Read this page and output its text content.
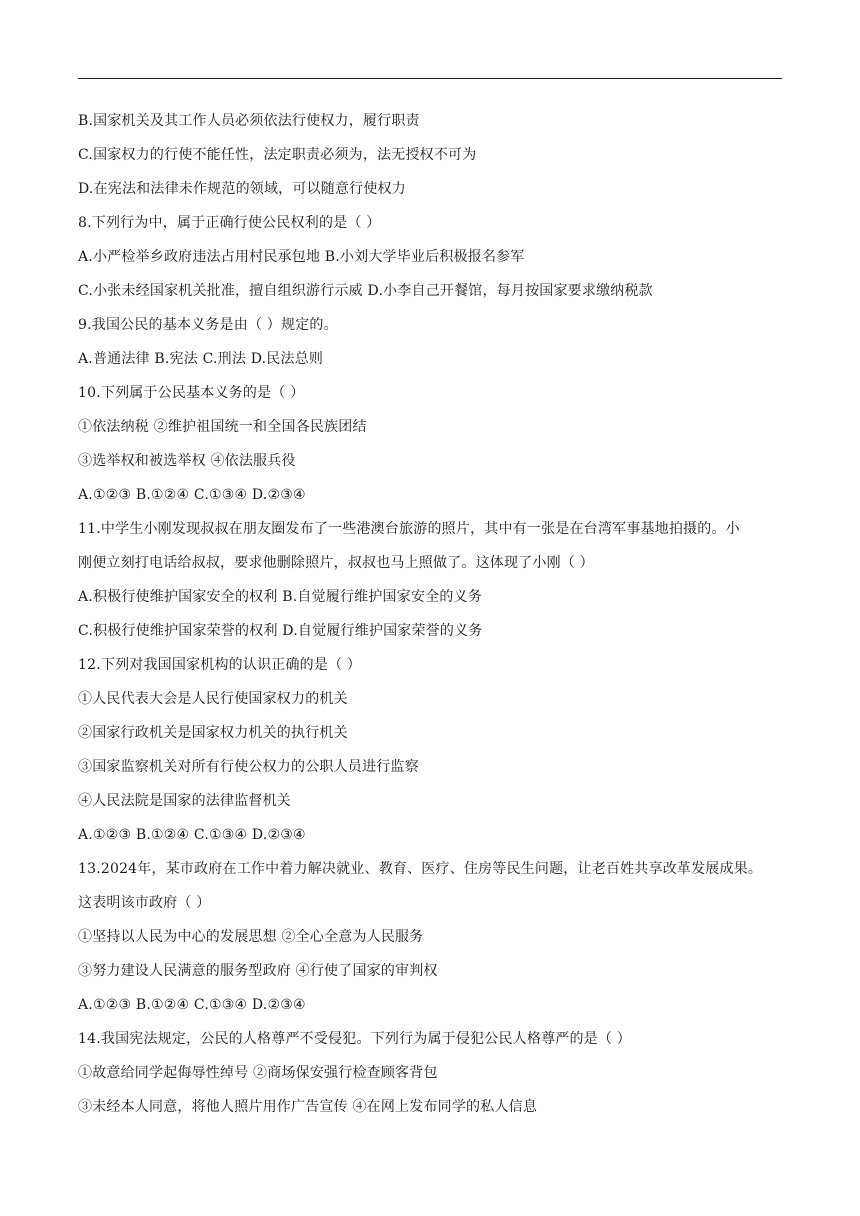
B.国家机关及其工作人员必须依法行使权力，履行职责
C.国家权力的行使不能任性，法定职责必须为，法无授权不可为
D.在宪法和法律未作规范的领域，可以随意行使权力
8.下列行为中，属于正确行使公民权利的是（ ）
A.小严检举乡政府违法占用村民承包地 B.小刘大学毕业后积极报名参军
C.小张未经国家机关批准，擅自组织游行示威 D.小李自己开餐馆，每月按国家要求缴纳税款
9.我国公民的基本义务是由（ ）规定的。
A.普通法律 B.宪法 C.刑法 D.民法总则
10.下列属于公民基本义务的是（ ）
①依法纳税 ②维护祖国统一和全国各民族团结
③选举权和被选举权 ④依法服兵役
A.①②③ B.①②④ C.①③④ D.②③④
11.中学生小刚发现叔叔在朋友圈发布了一些港澳台旅游的照片，其中有一张是在台湾军事基地拍摄的。小
刚便立刻打电话给叔叔，要求他删除照片，叔叔也马上照做了。这体现了小刚（ ）
A.积极行使维护国家安全的权利 B.自觉履行维护国家安全的义务
C.积极行使维护国家荣誉的权利 D.自觉履行维护国家荣誉的义务
12.下列对我国国家机构的认识正确的是（ ）
①人民代表大会是人民行使国家权力的机关
②国家行政机关是国家权力机关的执行机关
③国家监察机关对所有行使公权力的公职人员进行监察
④人民法院是国家的法律监督机关
A.①②③ B.①②④ C.①③④ D.②③④
13.2024年，某市政府在工作中着力解决就业、教育、医疗、住房等民生问题，让老百姓共享改革发展成果。
这表明该市政府（ ）
①坚持以人民为中心的发展思想 ②全心全意为人民服务
③努力建设人民满意的服务型政府 ④行使了国家的审判权
A.①②③ B.①②④ C.①③④ D.②③④
14.我国宪法规定，公民的人格尊严不受侵犯。下列行为属于侵犯公民人格尊严的是（ ）
①故意给同学起侮辱性绰号 ②商场保安强行检查顾客背包
③未经本人同意，将他人照片用作广告宣传 ④在网上发布同学的私人信息
